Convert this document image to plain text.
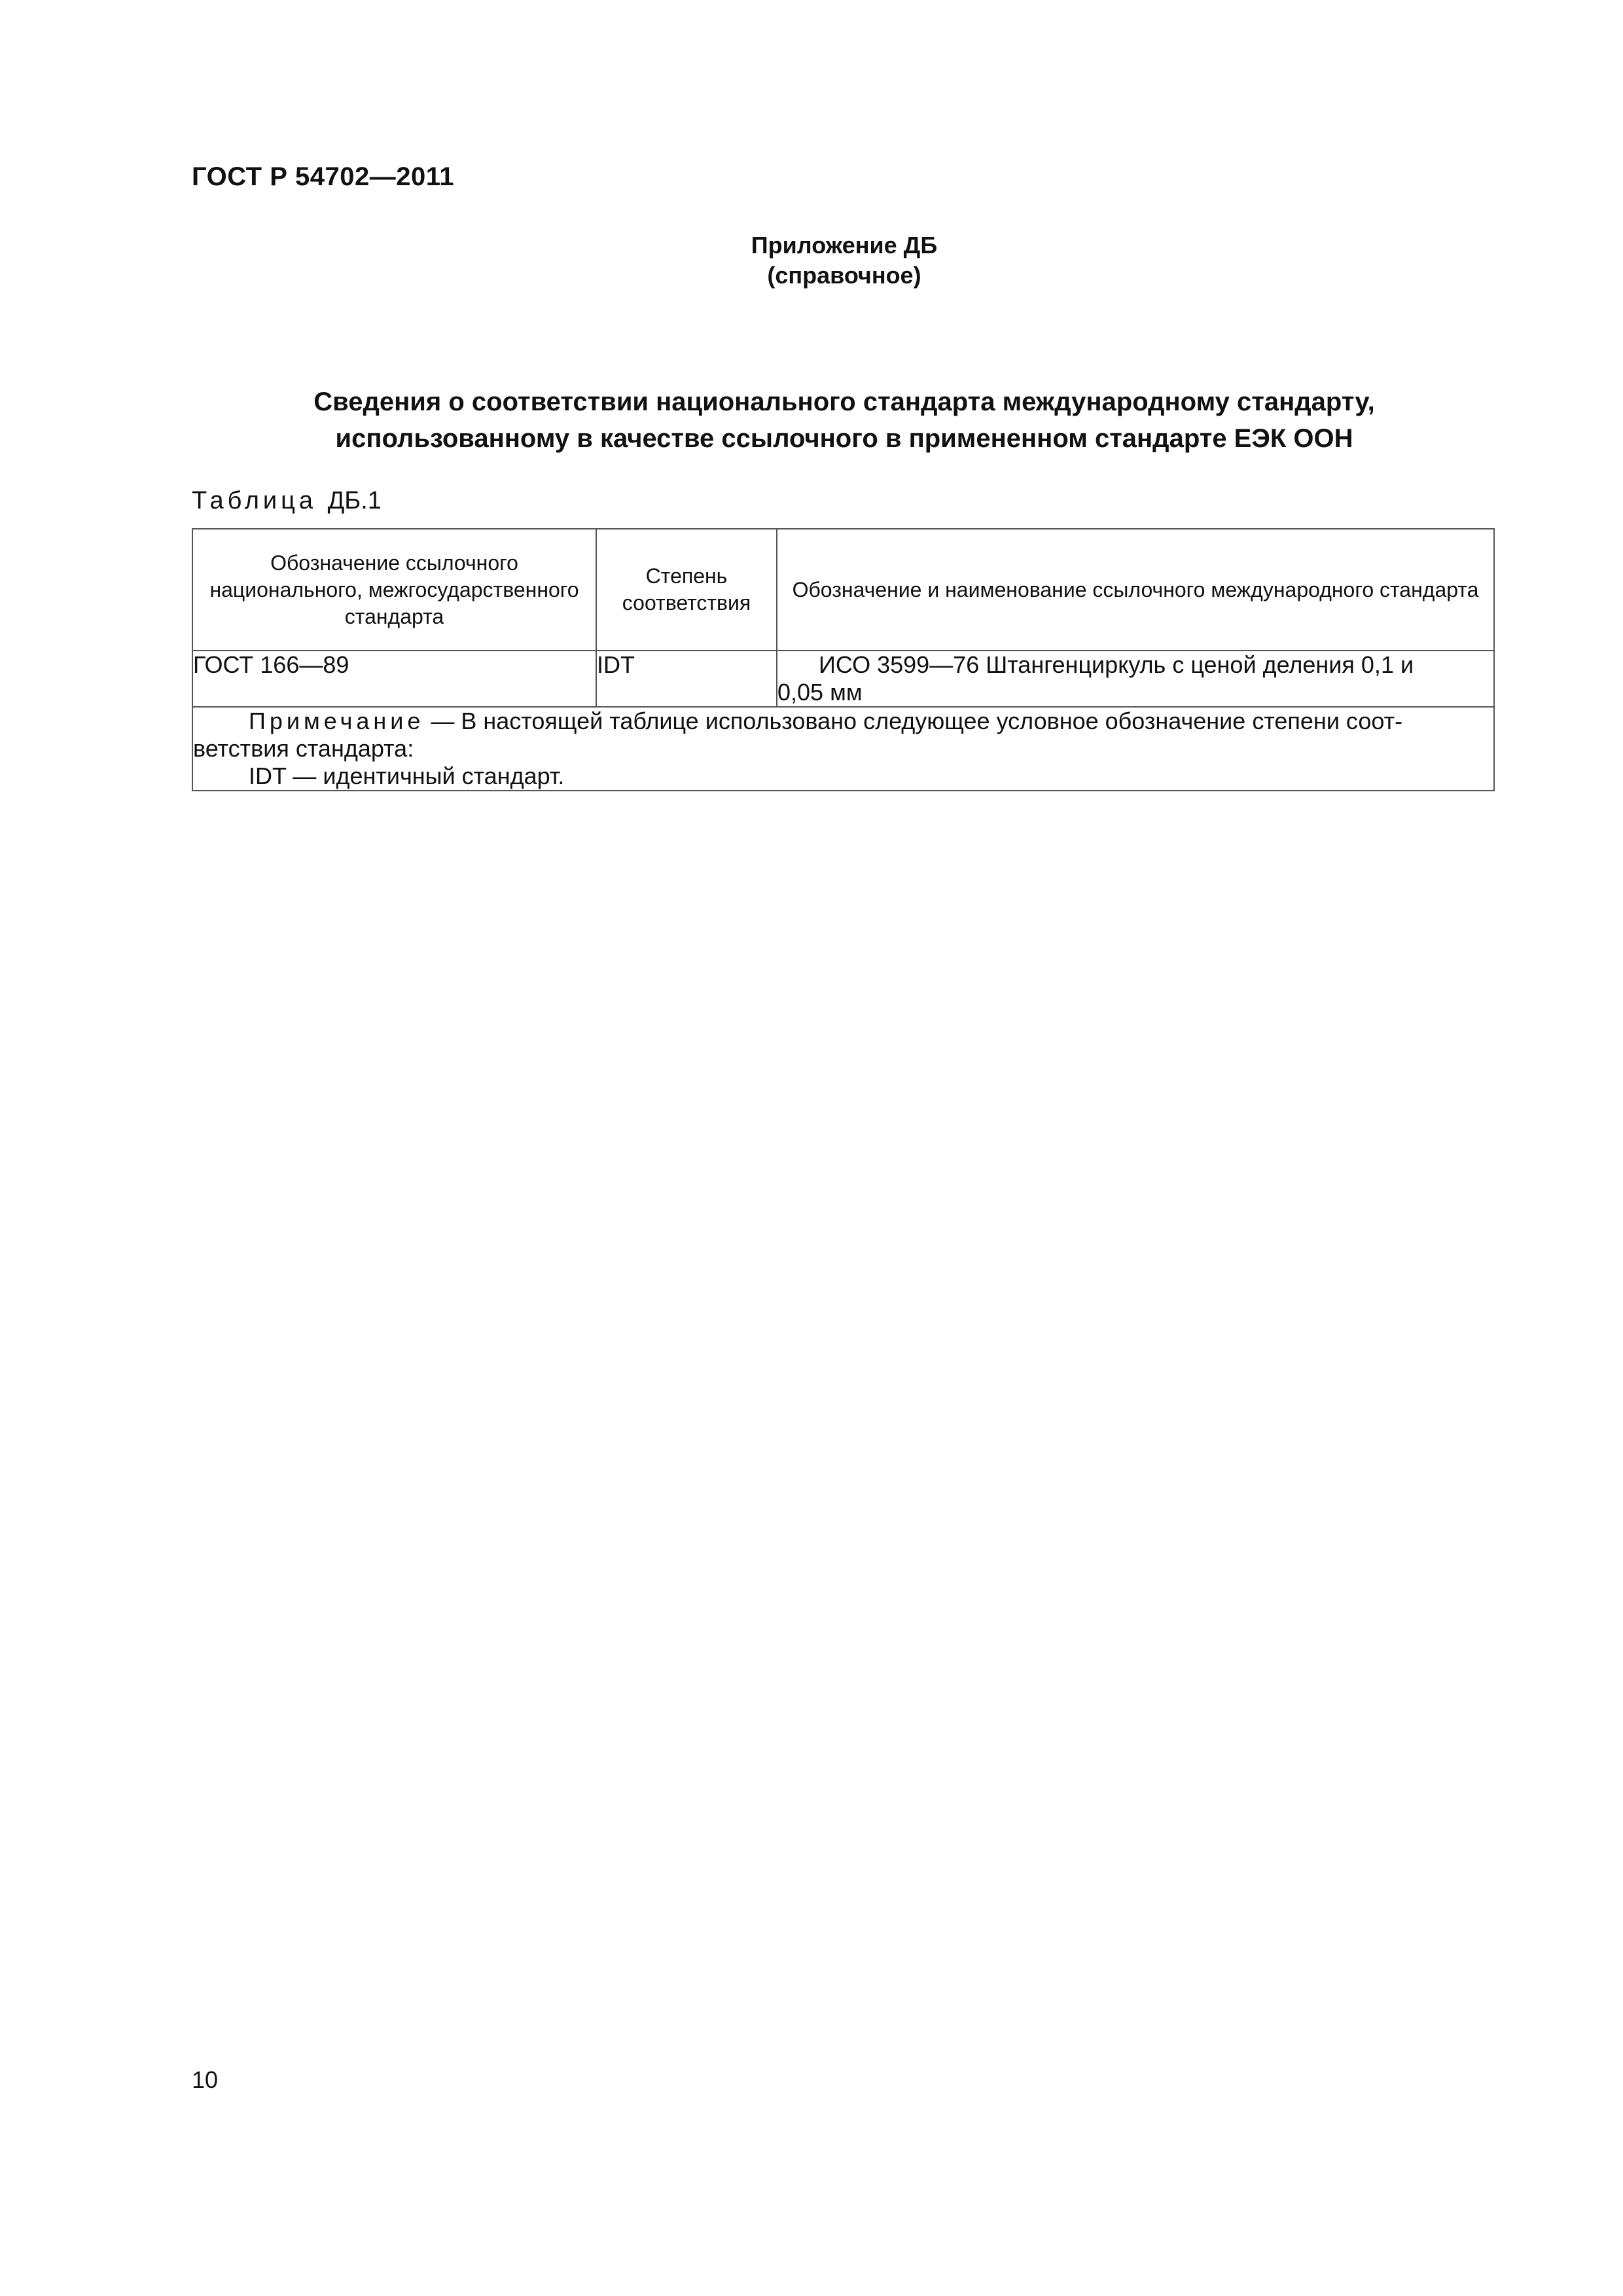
ГОСТ Р 54702—2011
Приложение ДБ
(справочное)
Сведения о соответствии национального стандарта международному стандарту,
использованному в качестве ссылочного в примененном стандарте ЕЭК ООН
Таблица ДБ.1
Обозначение ссылочного национального, межгосударственного стандарта	Степень соответствия	Обозначение и наименование ссылочного международного стандарта
ГОСТ 166—89	IDT	ИСО 3599—76 Штангенциркуль с ценой деления 0,1 и
0,05 мм

Примечание — В настоящей таблице использовано следующее условное обозначение степени соот-
ветствия стандарта:
IDT — идентичный стандарт.		
10
